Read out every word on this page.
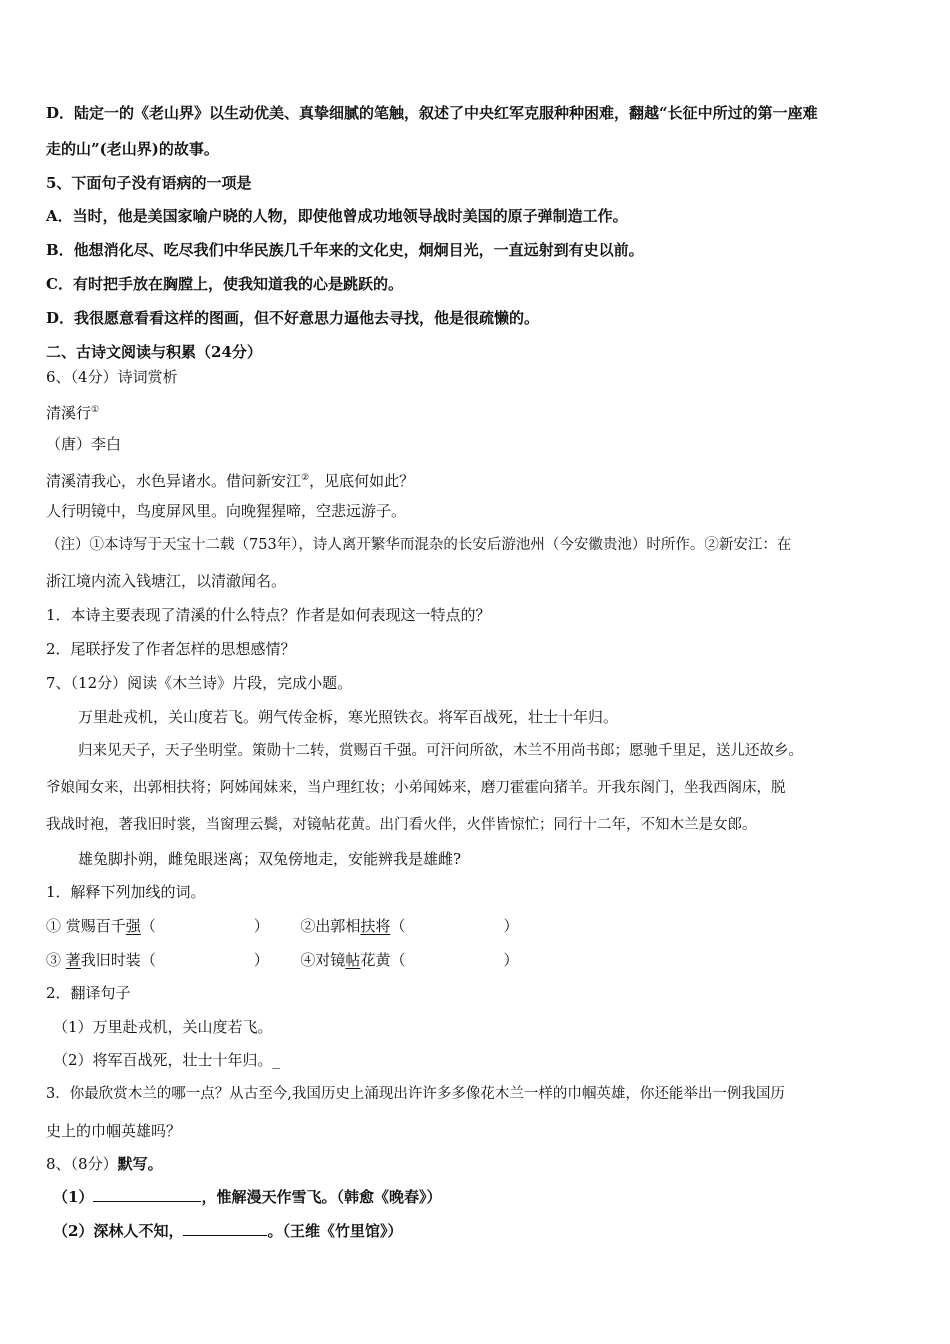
D．陆定一的《老山界》以生动优美、真挚细腻的笔触，叙述了中央红军克服种种困难，翻越“长征中所过的第一座难
走的山”(老山界)的故事。
5、下面句子没有语病的一项是
A．当时，他是美国家喻户晓的人物，即使他曾成功地领导战时美国的原子弹制造工作。
B．他想消化尽、吃尽我们中华民族几千年来的文化史，炯炯目光，一直远射到有史以前。
C．有时把手放在胸膛上，使我知道我的心是跳跃的。
D．我很愿意看看这样的图画，但不好意思力逼他去寻找，他是很疏懒的。
二、古诗文阅读与积累（24分）
6、（4分）诗词赏析
清溪行①
（唐）李白
清溪清我心，水色异诸水。借问新安江②，见底何如此？
人行明镜中，鸟度屏风里。向晚猩猩啼，空悲远游子。
（注）①本诗写于天宝十二载（753年），诗人离开繁华而混杂的长安后游池州（今安徽贵池）时所作。②新安江：在
浙江境内流入钱塘江，以清澈闻名。
1．本诗主要表现了清溪的什么特点？作者是如何表现这一特点的？
2．尾联抒发了作者怎样的思想感情？
7、（12分）阅读《木兰诗》片段，完成小题。
万里赴戎机，关山度若飞。朔气传金柝，寒光照铁衣。将军百战死，壮士十年归。
归来见天子，天子坐明堂。策勋十二转，赏赐百千强。可汗问所欲，木兰不用尚书郎；愿驰千里足，送儿还故乡。
爷娘闻女来，出郭相扶将；阿姊闻妹来，当户理红妆；小弟闻姊来，磨刀霍霍向猪羊。开我东阁门，坐我西阁床，脱
我战时袍，著我旧时裳，当窗理云鬓，对镜帖花黄。出门看火伴，火伴皆惊忙；同行十二年，不知木兰是女郎。
雄兔脚扑朔，雌兔眼迷离；双兔傍地走，安能辨我是雄雌?
1．解释下列加线的词。
① 赏赐百千强（	） ②出郭相扶将（	）
③ 著我旧时装（	） ④对镜帖花黄（	）
2．翻译句子
（1）万里赴戎机，关山度若飞。
（2）将军百战死，壮士十年归。_
3．你最欣赏木兰的哪一点？从古至今,我国历史上涌现出许许多多像花木兰一样的巾帼英雄，你还能举出一例我国历
史上的巾帼英雄吗？
8、（8分）默写。
（1）	，惟解漫天作雪飞。（韩愈《晚春》）
（2）深林人不知，	。（王维《竹里馆》）
